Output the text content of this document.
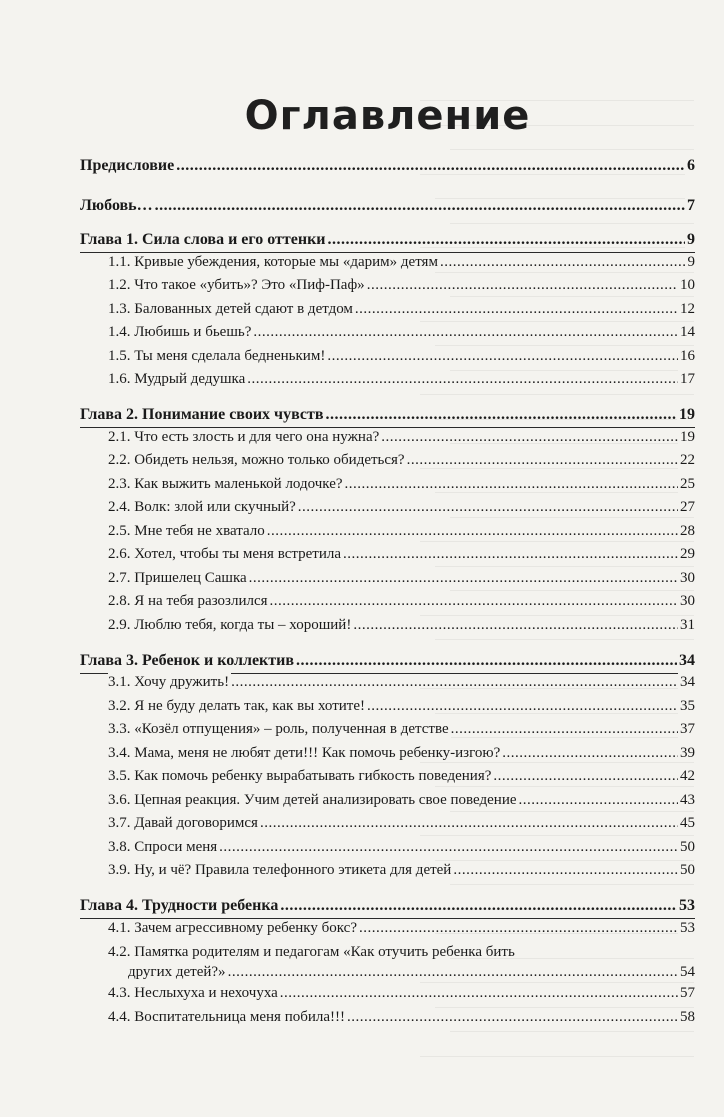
Оглавление
Предисловие .....	6
Любовь… .....	7
Глава 1. Сила слова и его оттенки .....	9
1.1. Кривые убеждения, которые мы «дарим» детям .....	9
1.2. Что такое «убить»? Это «Пиф-Паф» .....	10
1.3. Балованных детей сдают в детдом .....	12
1.4. Любишь и бьешь? .....	14
1.5. Ты меня сделала бедненьким! .....	16
1.6. Мудрый дедушка .....	17
Глава 2. Понимание своих чувств .....	19
2.1. Что есть злость и для чего она нужна? .....	19
2.2. Обидеть нельзя, можно только обидеться? .....	22
2.3. Как выжить маленькой лодочке? .....	25
2.4. Волк: злой или скучный? .....	27
2.5. Мне тебя не хватало .....	28
2.6. Хотел, чтобы ты меня встретила .....	29
2.7. Пришелец Сашка .....	30
2.8. Я на тебя разозлился .....	30
2.9. Люблю тебя, когда ты – хороший! .....	31
Глава 3. Ребенок и коллектив .....	34
3.1. Хочу дружить! .....	34
3.2. Я не буду делать так, как вы хотите! .....	35
3.3. «Козёл отпущения» – роль, полученная в детстве .....	37
3.4. Мама, меня не любят дети!!! Как помочь ребенку-изгою? .....	39
3.5. Как помочь ребенку вырабатывать гибкость поведения? .....	42
3.6. Цепная реакция. Учим детей анализировать свое поведение .....	43
3.7. Давай договоримся .....	45
3.8. Спроси меня .....	50
3.9. Ну, и чё? Правила телефонного этикета для детей .....	50
Глава 4. Трудности ребенка .....	53
4.1. Зачем агрессивному ребенку бокс? .....	53
4.2. Памятка родителям и педагогам «Как отучить ребенка бить
других детей?» .....	54
4.3. Неслыхуха и нехочуха .....	57
4.4. Воспитательница меня побила!!! .....	58
